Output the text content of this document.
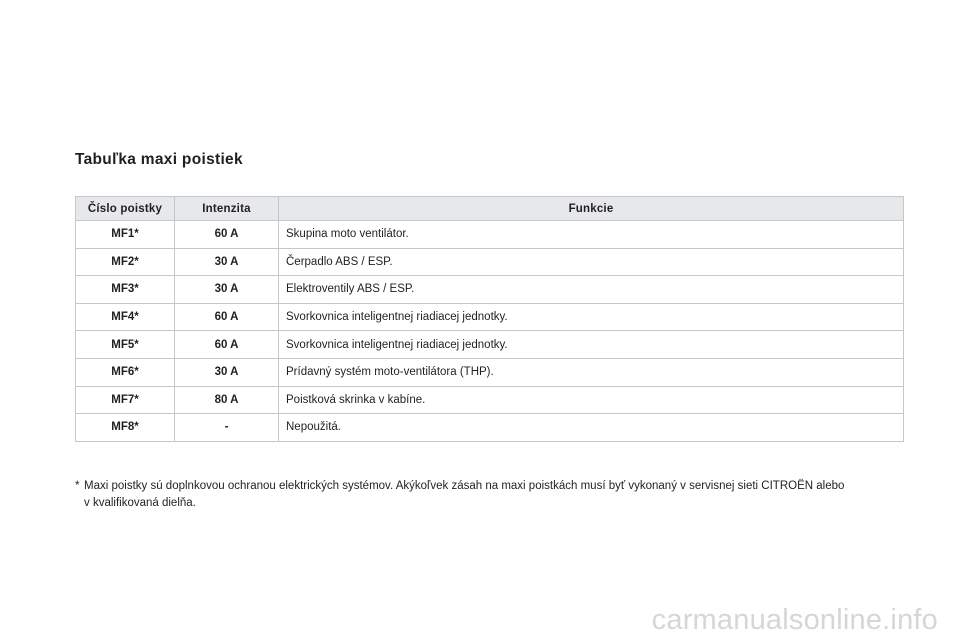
Tabuľka maxi poistiek
Číslo poistky	Intenzita	Funkcie
MF1*	60 A	Skupina moto ventilátor.
MF2*	30 A	Čerpadlo ABS / ESP.
MF3*	30 A	Elektroventily ABS / ESP.
MF4*	60 A	Svorkovnica inteligentnej riadiacej jednotky.
MF5*	60 A	Svorkovnica inteligentnej riadiacej jednotky.
MF6*	30 A	Prídavný systém moto-ventilátora (THP).
MF7*	80 A	Poistková skrinka v kabíne.
MF8*	-	Nepoužitá.

* Maxi poistky sú doplnkovou ochranou elektrických systémov. Akýkoľvek zásah na maxi poistkách musí byť vykonaný v servisnej sieti CITROËN alebo
v kvalifikovaná dielňa.

carmanualsonline.info
